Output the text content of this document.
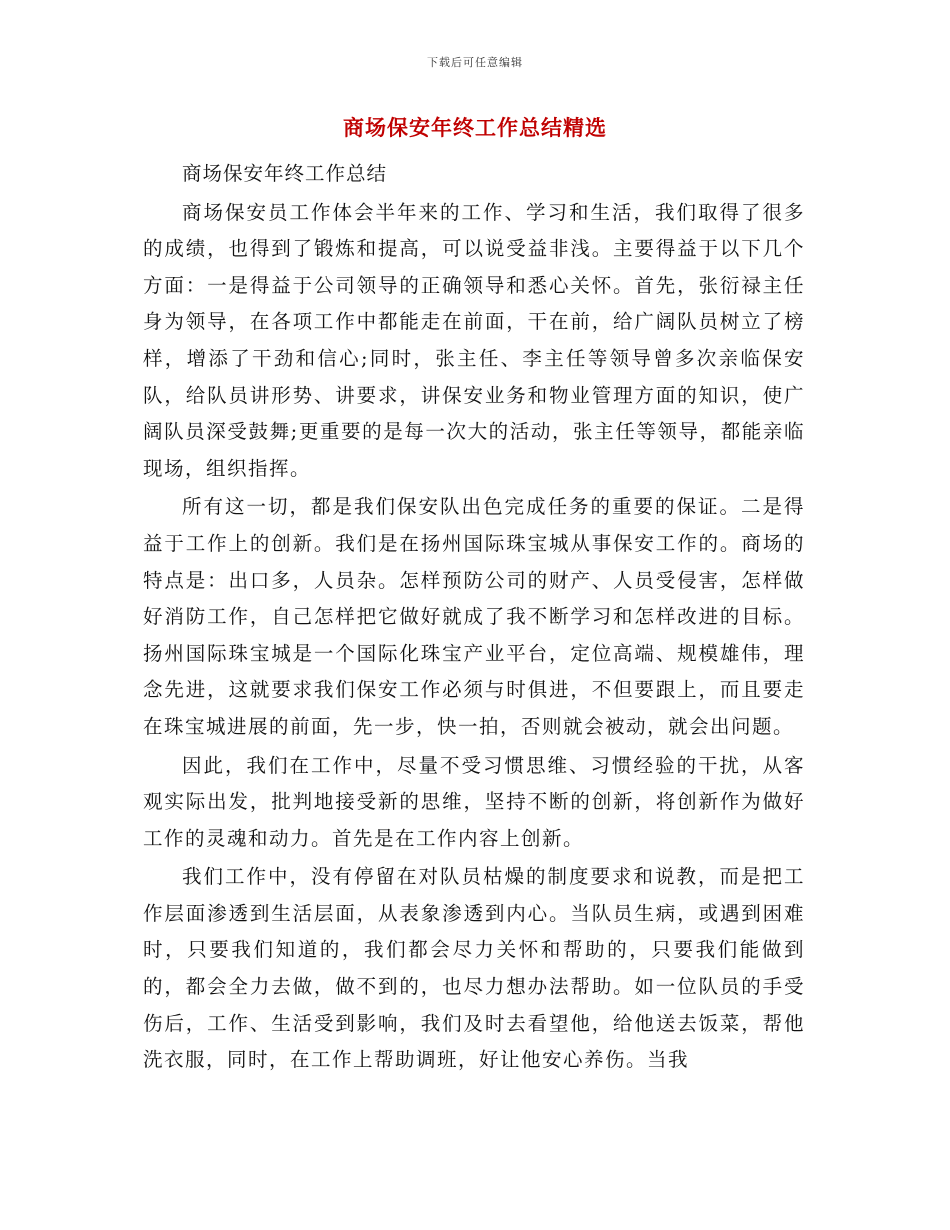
下载后可任意编辑
商场保安年终工作总结精选

商场保安年终工作总结

商场保安员工作体会半年来的工作、学习和生活，我们取得了很多的成绩，也得到了锻炼和提高，可以说受益非浅。主要得益于以下几个方面：一是得益于公司领导的正确领导和悉心关怀。首先，张衍禄主任身为领导，在各项工作中都能走在前面，干在前，给广阔队员树立了榜样，增添了干劲和信心;同时，张主任、李主任等领导曾多次亲临保安队，给队员讲形势、讲要求，讲保安业务和物业管理方面的知识，使广阔队员深受鼓舞;更重要的是每一次大的活动，张主任等领导，都能亲临现场，组织指挥。

所有这一切，都是我们保安队出色完成任务的重要的保证。二是得益于工作上的创新。我们是在扬州国际珠宝城从事保安工作的。商场的特点是：出口多，人员杂。怎样预防公司的财产、人员受侵害，怎样做好消防工作，自己怎样把它做好就成了我不断学习和怎样改进的目标。扬州国际珠宝城是一个国际化珠宝产业平台，定位高端、规模雄伟，理念先进，这就要求我们保安工作必须与时俱进，不但要跟上，而且要走在珠宝城进展的前面，先一步，快一拍，否则就会被动，就会出问题。

因此，我们在工作中，尽量不受习惯思维、习惯经验的干扰，从客观实际出发，批判地接受新的思维，坚持不断的创新，将创新作为做好工作的灵魂和动力。首先是在工作内容上创新。

我们工作中，没有停留在对队员枯燥的制度要求和说教，而是把工作层面渗透到生活层面，从表象渗透到内心。当队员生病，或遇到困难时，只要我们知道的，我们都会尽力关怀和帮助的，只要我们能做到的，都会全力去做，做不到的，也尽力想办法帮助。如一位队员的手受伤后，工作、生活受到影响，我们及时去看望他，给他送去饭菜，帮他洗衣服，同时，在工作上帮助调班，好让他安心养伤。当我
